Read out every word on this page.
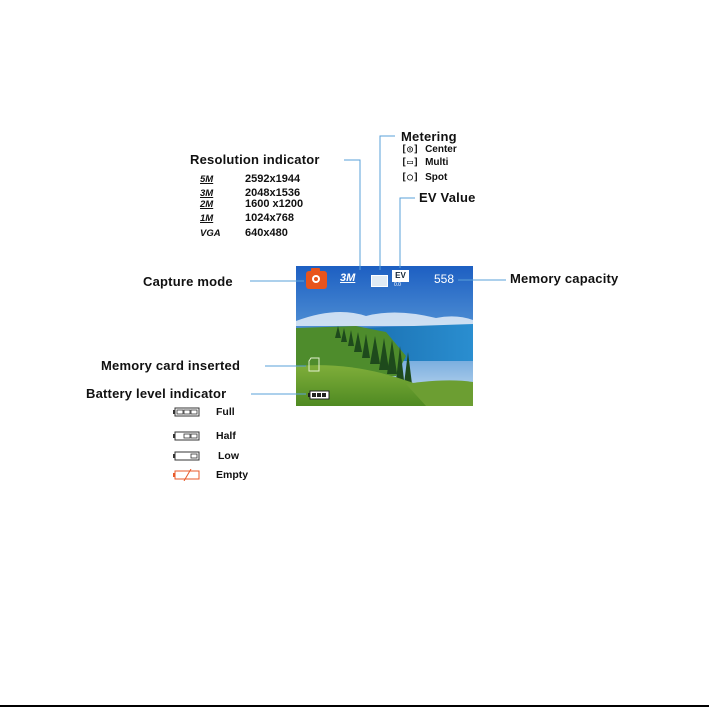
Metering
[◎] Center
[▭] Multi
[○] Spot
Resolution indicator
5M	2592x1944
3M	2048x1536
2M	1600 x1200
1M	1024x768
VGA	640x480
EV Value
Capture mode	Memory capacity
Memory card inserted
Battery level indicator
Full
Half
Low
Empty
3M	EV
0.0	558
